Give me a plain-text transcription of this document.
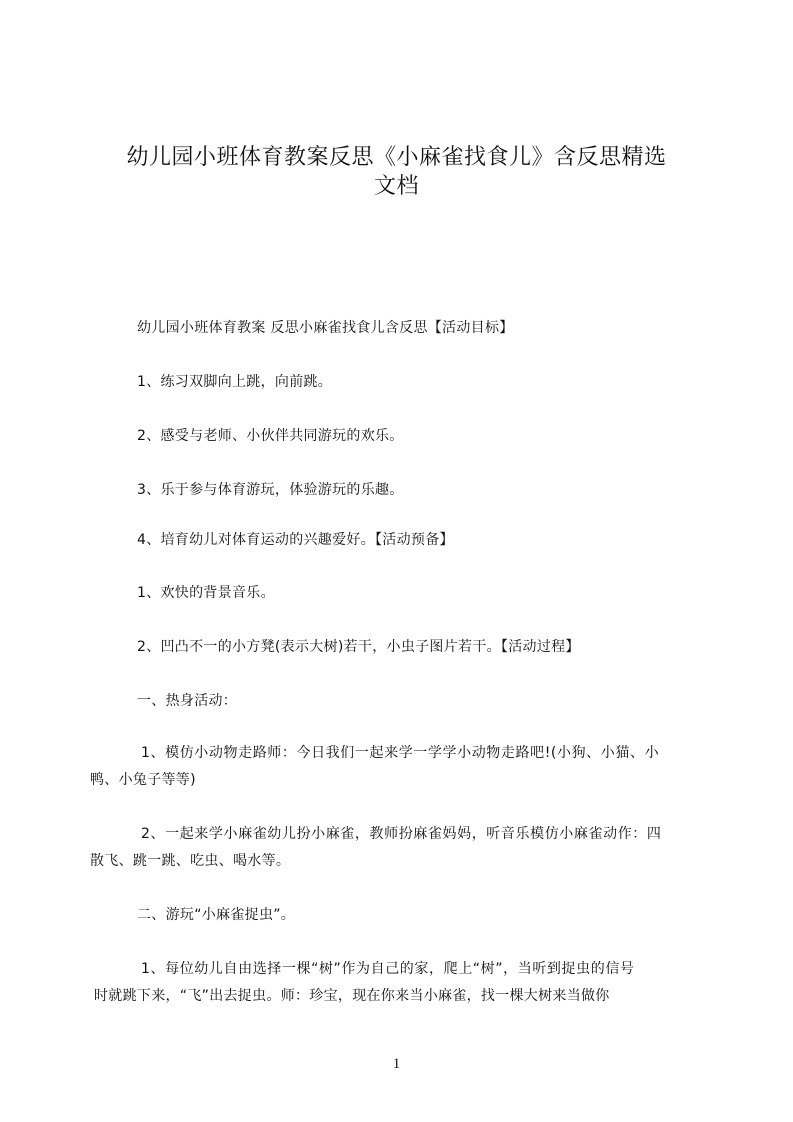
幼儿园小班体育教案反思《小麻雀找食儿》含反思精选
文档
幼儿园小班体育教案 反思小麻雀找食儿含反思【活动目标】
1、练习双脚向上跳，向前跳。
2、感受与老师、小伙伴共同游玩的欢乐。
3、乐于参与体育游玩，体验游玩的乐趣。
4、培育幼儿对体育运动的兴趣爱好。【活动预备】
1、欢快的背景音乐。
2、凹凸不一的小方凳(表示大树)若干，小虫子图片若干。【活动过程】
一、热身活动：
1、模仿小动物走路师：今日我们一起来学一学学小动物走路吧!(小狗、小猫、小
鸭、小兔子等等)
2、一起来学小麻雀幼儿扮小麻雀，教师扮麻雀妈妈，听音乐模仿小麻雀动作：四
散飞、跳一跳、吃虫、喝水等。
二、游玩“小麻雀捉虫”。
1、每位幼儿自由选择一棵“树”作为自己的家，爬上“树”，当听到捉虫的信号
时就跳下来，“飞”出去捉虫。师：珍宝，现在你来当小麻雀，找一棵大树来当做你
1
